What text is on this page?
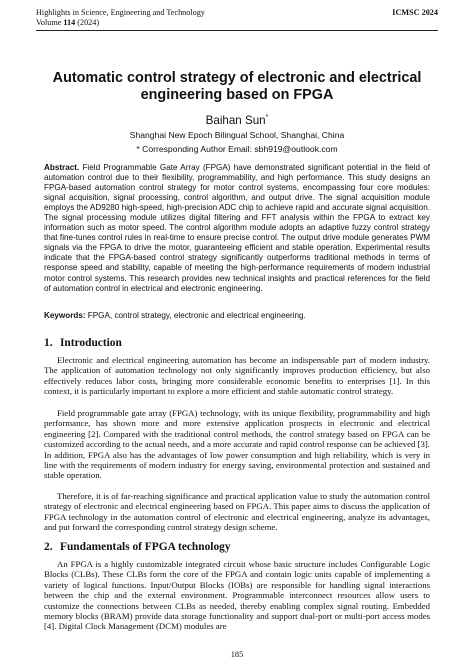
Highlights in Science, Engineering and Technology	ICMSC 2024
Volume 114 (2024)
Automatic control strategy of electronic and electrical
engineering based on FPGA
Baihan Sun*
Shanghai New Epoch Bilingual School, Shanghai, China
* Corresponding Author Email: sbh919@outlook.com
Abstract. Field Programmable Gate Array (FPGA) have demonstrated significant potential in the field of automation control due to their flexibility, programmability, and high performance. This study designs an FPGA-based automation control strategy for motor control systems, encompassing four core modules: signal acquisition, signal processing, control algorithm, and output drive. The signal acquisition module employs the AD9280 high-speed, high-precision ADC chip to achieve rapid and accurate signal acquisition. The signal processing module utilizes digital filtering and FFT analysis within the FPGA to extract key information such as motor speed. The control algorithm module adopts an adaptive fuzzy control strategy that fine-tunes control rules in real-time to ensure precise control. The output drive module generates PWM signals via the FPGA to drive the motor, guaranteeing efficient and stable operation. Experimental results indicate that the FPGA-based control strategy significantly outperforms traditional methods in terms of response speed and stability, capable of meeting the high-performance requirements of modern industrial motor control systems. This research provides new technical insights and practical references for the field of automation control in electrical and electronic engineering.
Keywords: FPGA, control strategy, electronic and electrical engineering.
1. Introduction
Electronic and electrical engineering automation has become an indispensable part of modern industry. The application of automation technology not only significantly improves production efficiency, but also effectively reduces labor costs, bringing more considerable economic benefits to enterprises [1]. In this context, it is particularly important to explore a more efficient and stable automatic control strategy.
Field programmable gate array (FPGA) technology, with its unique flexibility, programmability and high performance, has shown more and more extensive application prospects in electronic and electrical engineering [2]. Compared with the traditional control methods, the control strategy based on FPGA can be customized according to the actual needs, and a more accurate and rapid control response can be achieved [3]. In addition, FPGA also has the advantages of low power consumption and high reliability, which is very in line with the requirements of modern industry for energy saving, environmental protection and sustained and stable operation.
Therefore, it is of far-reaching significance and practical application value to study the automation control strategy of electronic and electrical engineering based on FPGA. This paper aims to discuss the application of FPGA technology in the automation control of electronic and electrical engineering, analyze its advantages, and put forward the corresponding control strategy design scheme.
2. Fundamentals of FPGA technology
An FPGA is a highly customizable integrated circuit whose basic structure includes Configurable Logic Blocks (CLBs). These CLBs form the core of the FPGA and contain logic units capable of implementing a variety of logical functions. Input/Output Blocks (IOBs) are responsible for handling signal interactions between the chip and the external environment. Programmable interconnect resources allow users to customize the connections between CLBs as needed, thereby enabling complex signal routing. Embedded memory blocks (BRAM) provide data storage functionality and support dual-port or multi-port access modes [4]. Digital Clock Management (DCM) modules are
185
